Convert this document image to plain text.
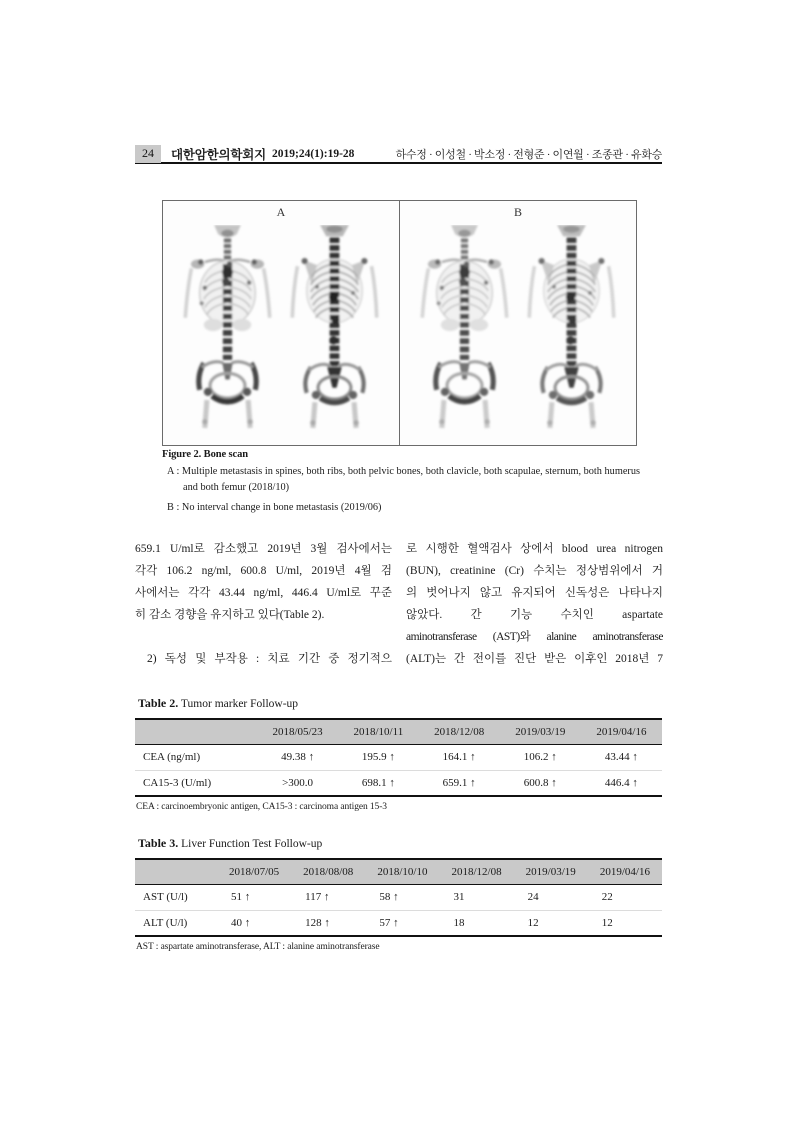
24	대한암한의학회지 2019;24(1):19-28	하수정 · 이성철 · 박소정 · 전형준 · 이연월 · 조종관 · 유화승
A	B
Figure 2. Bone scan
A : Multiple metastasis in spines, both ribs, both pelvic bones, both clavicle, both scapulae, sternum, both humerus and both femur (2018/10)
B : No interval change in bone metastasis (2019/06)
659.1 U/ml로 감소했고 2019년 3월 검사에서는
각각 106.2 ng/ml, 600.8 U/ml, 2019년 4월 검
사에서는 각각 43.44 ng/ml, 446.4 U/ml로 꾸준
히 감소 경향을 유지하고 있다(Table 2).
2) 독성 및 부작용 : 치료 기간 중 정기적으
로 시행한 혈액검사 상에서 blood urea nitrogen
(BUN), creatinine (Cr) 수치는 정상범위에서 거
의 벗어나지 않고 유지되어 신독성은 나타나지
않았다. 간 기능 수치인 aspartate
aminotransferase (AST)와 alanine aminotransferase
(ALT)는 간 전이를 진단 받은 이후인 2018년 7
Table 2. Tumor marker Follow-up
	2018/05/23	2018/10/11	2018/12/08	2019/03/19	2019/04/16
CEA (ng/ml)	49.38 ↑	195.9 ↑	164.1 ↑	106.2 ↑	43.44 ↑
CA15-3 (U/ml)	>300.0	698.1 ↑	659.1 ↑	600.8 ↑	446.4 ↑
CEA : carcinoembryonic antigen, CA15-3 : carcinoma antigen 15-3
Table 3. Liver Function Test Follow-up
	2018/07/05	2018/08/08	2018/10/10	2018/12/08	2019/03/19	2019/04/16
AST (U/l)	51 ↑	117 ↑	58 ↑	31	24	22
ALT (U/l)	40 ↑	128 ↑	57 ↑	18	12	12
AST : aspartate aminotransferase, ALT : alanine aminotransferase
